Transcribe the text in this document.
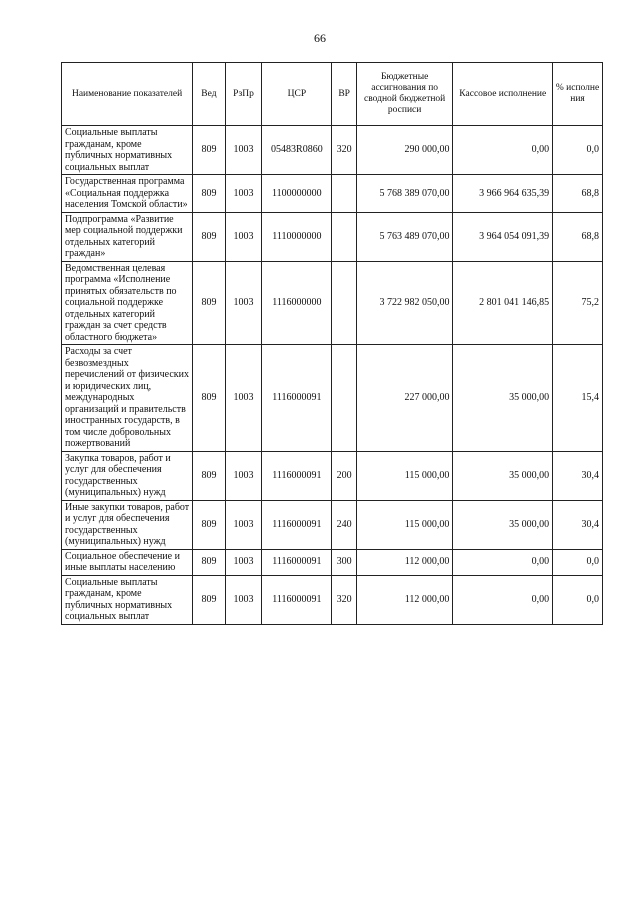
66
Наименование показателей	Вед	РзПр	ЦСР	ВР	Бюджетные ассигнования по сводной бюджетной росписи	Кассовое исполнение	% исполне ния
Социальные выплаты гражданам, кроме публичных нормативных социальных выплат	809	1003	05483R0860	320	290 000,00	0,00	0,0
Государственная программа «Социальная поддержка населения Томской области»	809	1003	1100000000		5 768 389 070,00	3 966 964 635,39	68,8
Подпрограмма «Развитие мер социальной поддержки отдельных категорий граждан»	809	1003	1110000000		5 763 489 070,00	3 964 054 091,39	68,8
Ведомственная целевая программа «Исполнение принятых обязательств по социальной поддержке отдельных категорий граждан за счет средств областного бюджета»	809	1003	1116000000		3 722 982 050,00	2 801 041 146,85	75,2
Расходы за счет безвозмездных перечислений от физических и юридических лиц, международных организаций и правительств иностранных государств, в том числе добровольных пожертвований	809	1003	1116000091		227 000,00	35 000,00	15,4
Закупка товаров, работ и услуг для обеспечения государственных (муниципальных) нужд	809	1003	1116000091	200	115 000,00	35 000,00	30,4
Иные закупки товаров, работ и услуг для обеспечения государственных (муниципальных) нужд	809	1003	1116000091	240	115 000,00	35 000,00	30,4
Социальное обеспечение и иные выплаты населению	809	1003	1116000091	300	112 000,00	0,00	0,0
Социальные выплаты гражданам, кроме публичных нормативных социальных выплат	809	1003	1116000091	320	112 000,00	0,00	0,0
